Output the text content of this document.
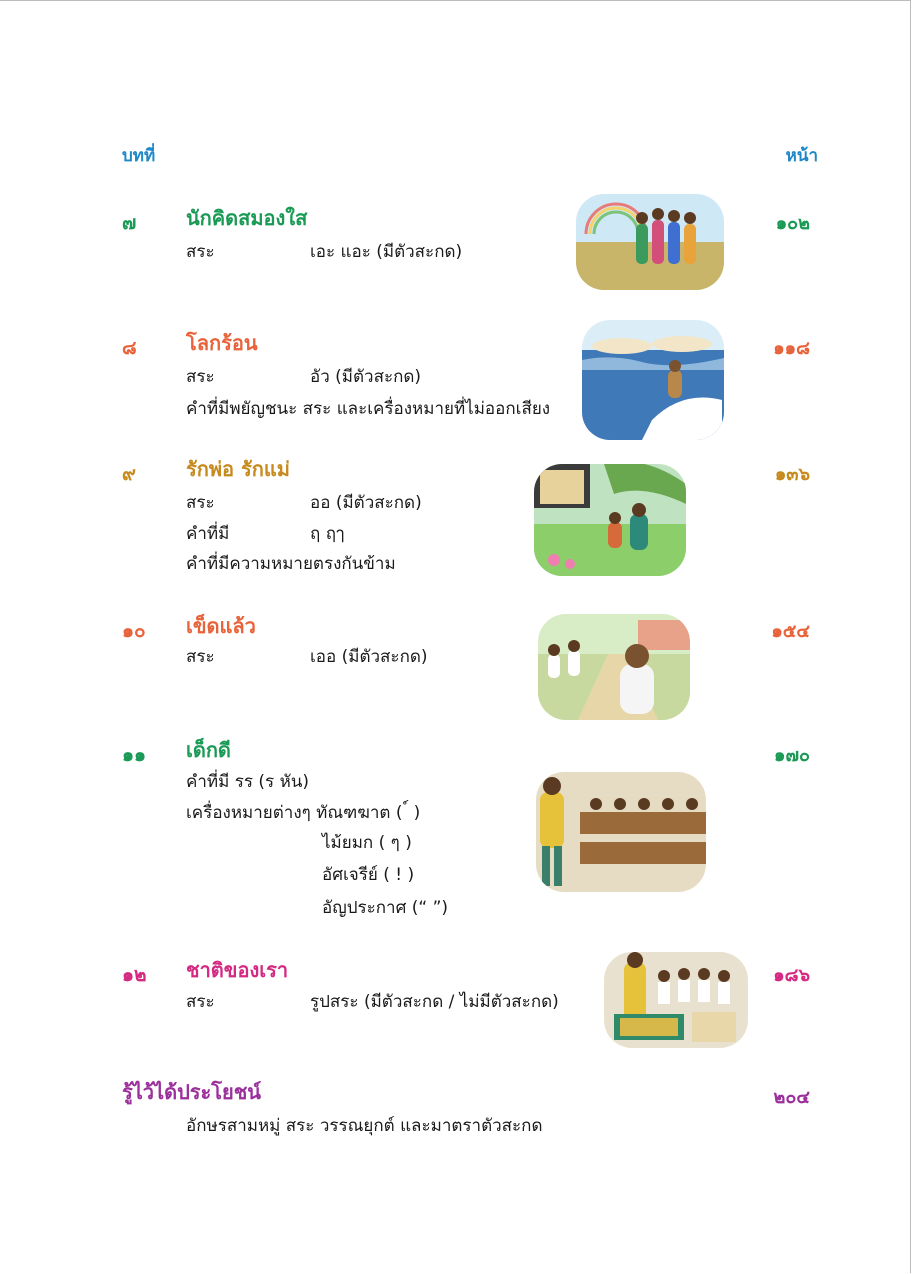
บทที่	หน้า
๗ นักคิดสมองใส	๑๐๒
สระ	เอะ แอะ (มีตัวสะกด)
๘ โลกร้อน	๑๑๘
สระ	อัว (มีตัวสะกด)
คำที่มีพยัญชนะ สระ และเครื่องหมายที่ไม่ออกเสียง
๙	รักพ่อ รักแม่	๑๓๖
สระ	ออ (มีตัวสะกด)
คำที่มี	ฤ ฤๅ
คำที่มีความหมายตรงกันข้าม
๑๐ เข็ดแล้ว	๑๕๔
สระ	เออ (มีตัวสะกด)
๑๑ เด็กดี	๑๗๐
คำที่มี รร (ร หัน)
เครื่องหมายต่างๆ ทัณฑฆาต ( ์ )
ไม้ยมก ( ๆ )
อัศเจรีย์ ( ! )
อัญประกาศ (“ ”)
๑๒ ชาติของเรา	๑๘๖
สระ	รูปสระ (มีตัวสะกด / ไม่มีตัวสะกด)
รู้ไว้ได้ประโยชน์	๒๐๔
อักษรสามหมู่ สระ วรรณยุกต์ และมาตราตัวสะกด
